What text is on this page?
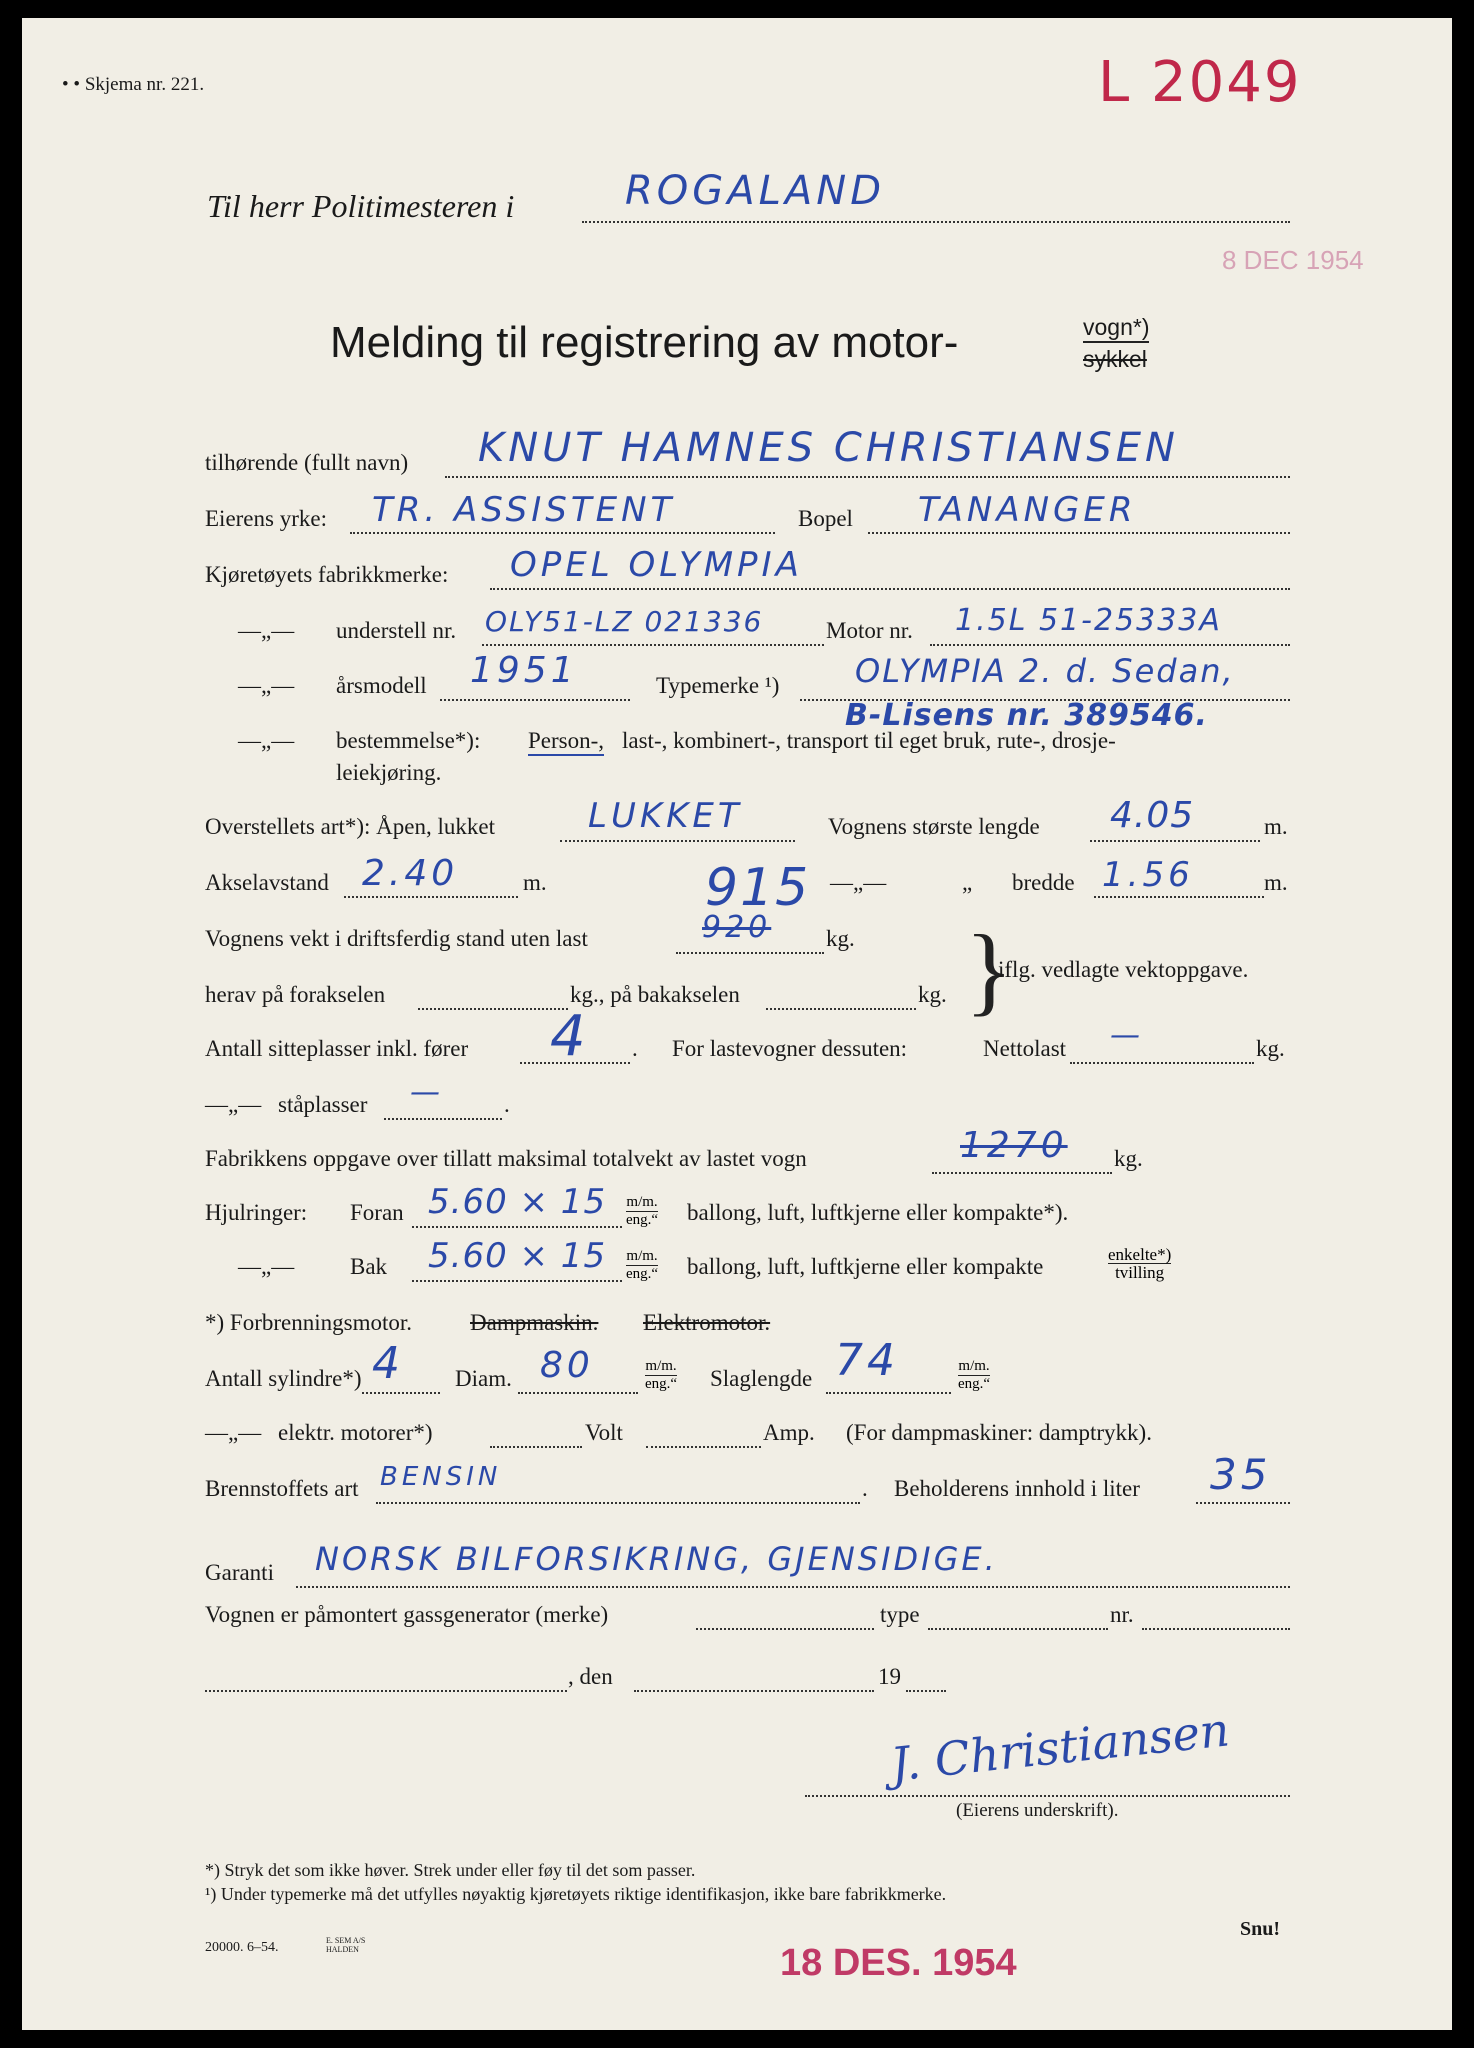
• • Skjema nr. 221.	L 2049
8 DEC 1954
Til herr Politimesteren i	ROGALAND
Melding til registrering av motor-	vogn*)
sykkel
tilhørende (fullt navn) KNUT HAMNES CHRISTIANSEN
Eierens yrke: TR. ASSISTENT	Bopel TANANGER
Kjøretøyets fabrikkmerke: OPEL OLYMPIA
—„— understell nr. OLY51-LZ 021336	Motor nr. 1.5L 51-25333A
—„— årsmodell 1951	Typemerke ¹) OLYMPIA 2. d. Sedan,
B-Lisens nr. 389546.
—„— bestemmelse*): Person-, last-, kombinert-, transport til eget bruk, rute-, drosje-
leiekjøring.
Overstellets art*): Åpen, lukket	LUKKET	Vognens største lengde 4.05	m.
915
Akselavstand 2.40	m.	—„—	„ bredde 1.56	m.
Vognens vekt i driftsferdig stand uten last	920 kg. }
iflg. vedlagte vektoppgave.
herav på forakselen	kg., på bakakselen	kg.
Antall sitteplasser inkl. fører 4 . For lastevogner dessuten:	Nettolast —	kg.
—„— ståplasser —	.
Fabrikkens oppgave over tillatt maksimal totalvekt av lastet vogn	1270 kg.
Hjulringer: Foran 5.60 × 15 m/m.
eng.“ ballong, luft, luftkjerne eller kompakte*).
—„— Bak 5.60 × 15 m/m.
eng.“ ballong, luft, luftkjerne eller kompakte	enkelte*)
tvilling
*) Forbrenningsmotor.	Dampmaskin. Elektromotor.
Antall sylindre*) 4 Diam. 80	m/m.
eng.“ Slaglengde 74	m/m.
eng.“
—„— elektr. motorer*)	Volt	Amp. (For dampmaskiner: damptrykk).
Brennstoffets art BENSIN	. Beholderens innhold i liter 35
Garanti NORSK BILFORSIKRING, GJENSIDIGE.
Vognen er påmontert gassgenerator (merke)	type	nr.
, den	19
J. Christiansen
(Eierens underskrift).
*) Stryk det som ikke høver. Strek under eller føy til det som passer.
¹) Under typemerke må det utfylles nøyaktig kjøretøyets riktige identifikasjon, ikke bare fabrikkmerke.
20000. 6–54.	E. SEM A/S HALDEN	18 DES. 1954
Snu!
